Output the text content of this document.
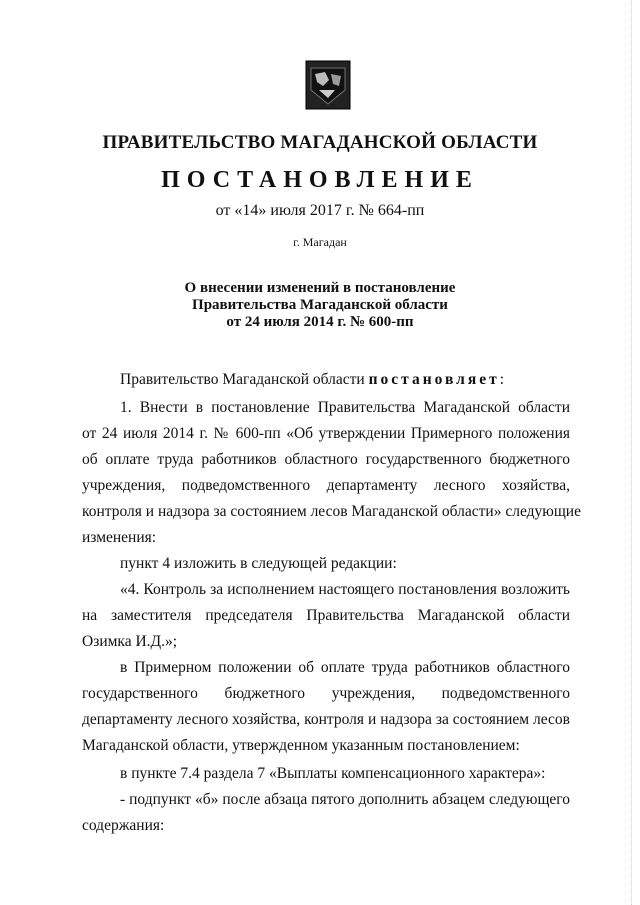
ПРАВИТЕЛЬСТВО МАГАДАНСКОЙ ОБЛАСТИ
ПОСТАНОВЛЕНИЕ
от «14» июля 2017 г. № 664-пп
г. Магадан
О внесении изменений в постановление
Правительства Магаданской области
от 24 июля 2014 г. № 600-пп
Правительство Магаданской области постановляет:
1. Внести в постановление Правительства Магаданской области
от 24 июля 2014 г. № 600-пп «Об утверждении Примерного положения
об оплате труда работников областного государственного бюджетного
учреждения, подведомственного департаменту лесного хозяйства,
контроля и надзора за состоянием лесов Магаданской области» следующие
изменения:
пункт 4 изложить в следующей редакции:
«4. Контроль за исполнением настоящего постановления возложить
на заместителя председателя Правительства Магаданской области
Озимка И.Д.»;
в Примерном положении об оплате труда работников областного
государственного бюджетного учреждения, подведомственного
департаменту лесного хозяйства, контроля и надзора за состоянием лесов
Магаданской области, утвержденном указанным постановлением:
в пункте 7.4 раздела 7 «Выплаты компенсационного характера»:
- подпункт «б» после абзаца пятого дополнить абзацем следующего
содержания:
